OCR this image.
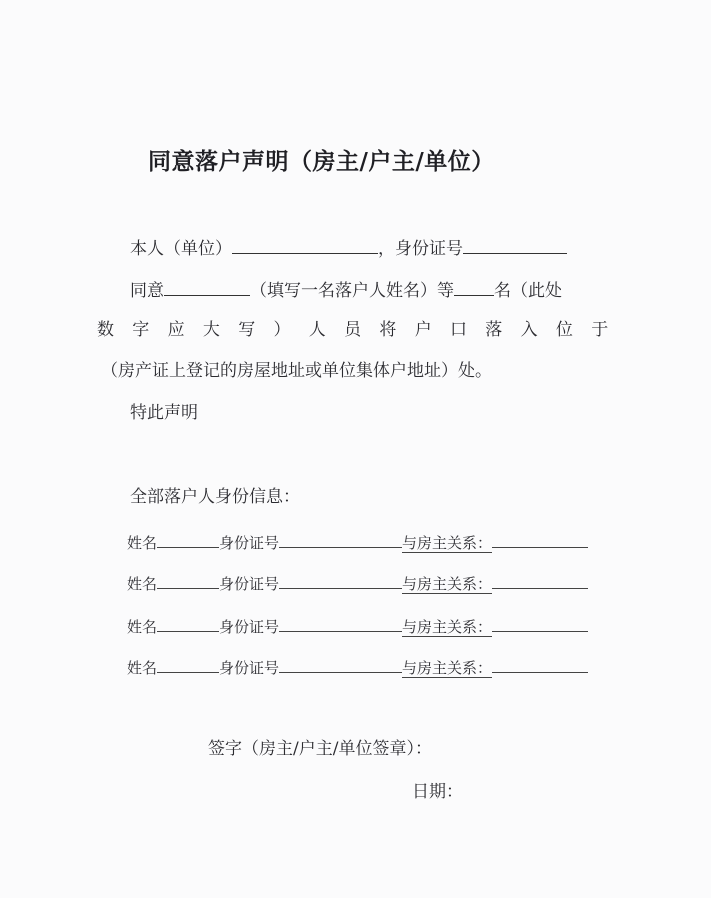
同意落户声明（房主/户主/单位）
本人（单位）	，身份证号
同意	（填写一名落户人姓名）等 名（此处
数字应大写）人员将户口落入位于
（房产证上登记的房屋地址或单位集体户地址）处。
特此声明
全部落户人身份信息：
姓名	身份证号	与房主关系：
姓名	身份证号	与房主关系：
姓名	身份证号	与房主关系：
姓名	身份证号	与房主关系：
签字（房主/户主/单位签章）：
日期：
